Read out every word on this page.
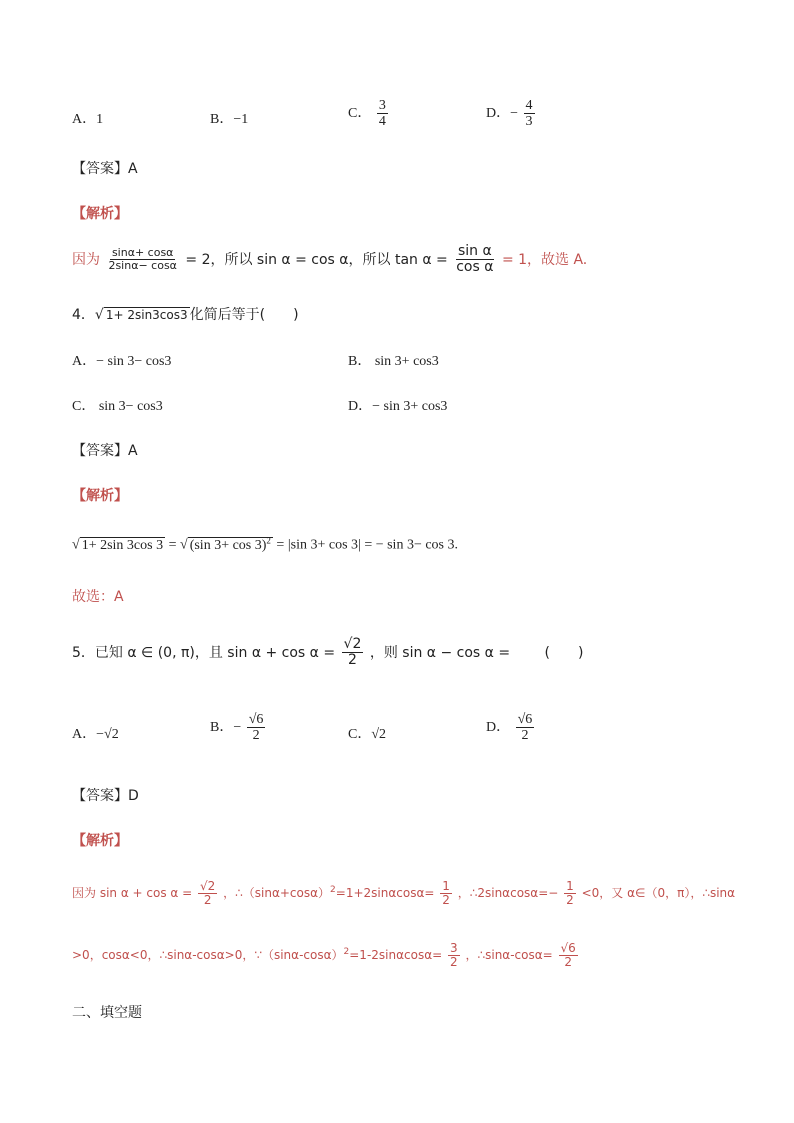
A．1	B．−1	C． $\frac{3}{4}$	D．− $\frac{4}{3}$
【答案】A
【解析】
因为 $\frac{\sin\alpha+ \cos\alpha}{2\sin\alpha- \cos\alpha} = 2$，所以 sin α = cos α，所以 $\tan \alpha = \frac{\text{sin α}}{\text{cos α}} = 1$，故选 A.
4．√ 1+ 2sin3cos3 化简后等于(　　)
A．− sin 3− cos3	B． sin 3+ cos3
C． sin 3− cos3	D．− sin 3+ cos3
【答案】A
【解析】
√ 1+ 2sin 3cos 3 = √ (sin 3+ cos 3)$^2$ = |sin 3+ cos 3| = − sin 3− cos 3.
故选：A
5．已知 α ∈ (0, π)，且 $\sin \alpha + \cos \alpha = \frac{√2}{2}$ ，则 sin α − cos α = (　　)
A．−√2	B．− $\frac{√6}{2}$	C．√2	D． $\frac{√6}{2}$
【答案】D
【解析】
因为 $\sin \alpha + \cos \alpha = \frac{√2}{2}$ ，$\therefore(\sin\alpha+\cos\alpha)^2=1+2\sin\alpha\cos\alpha= \frac{1}{2}$ ，∴2sinαcosα=− $\frac{1}{2} <0$，又 α∈（0，π），∴sinα
>0，cosα<0，∴sinα-cosα>0，$\because(\sin\alpha-\cos\alpha)^2=1-2\sin\alpha\cos\alpha= \frac{3}{2}$ ，∴sinα-cosα= $\frac{√6}{2}$
二、填空题
